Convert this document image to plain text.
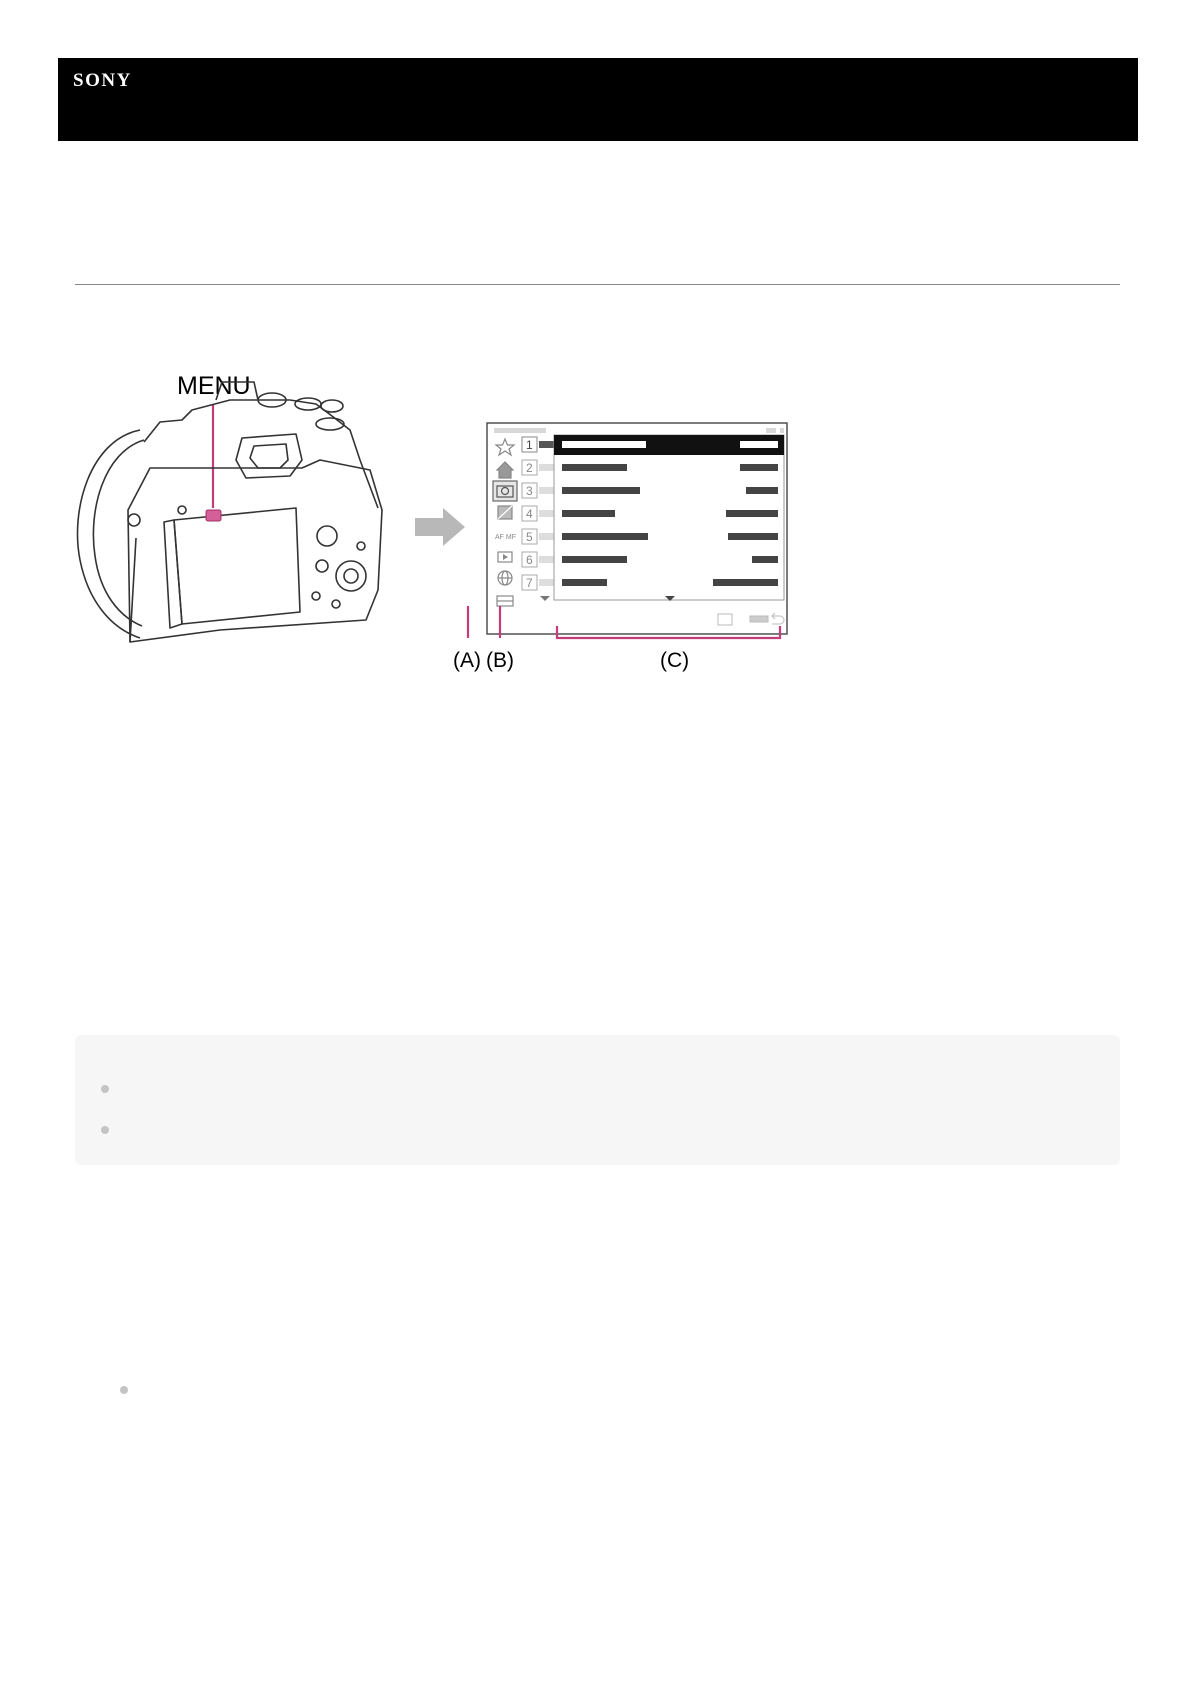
SONY
MENU
AF MF
1
2
3
4
5
6
7
(A) (B)	(C)
